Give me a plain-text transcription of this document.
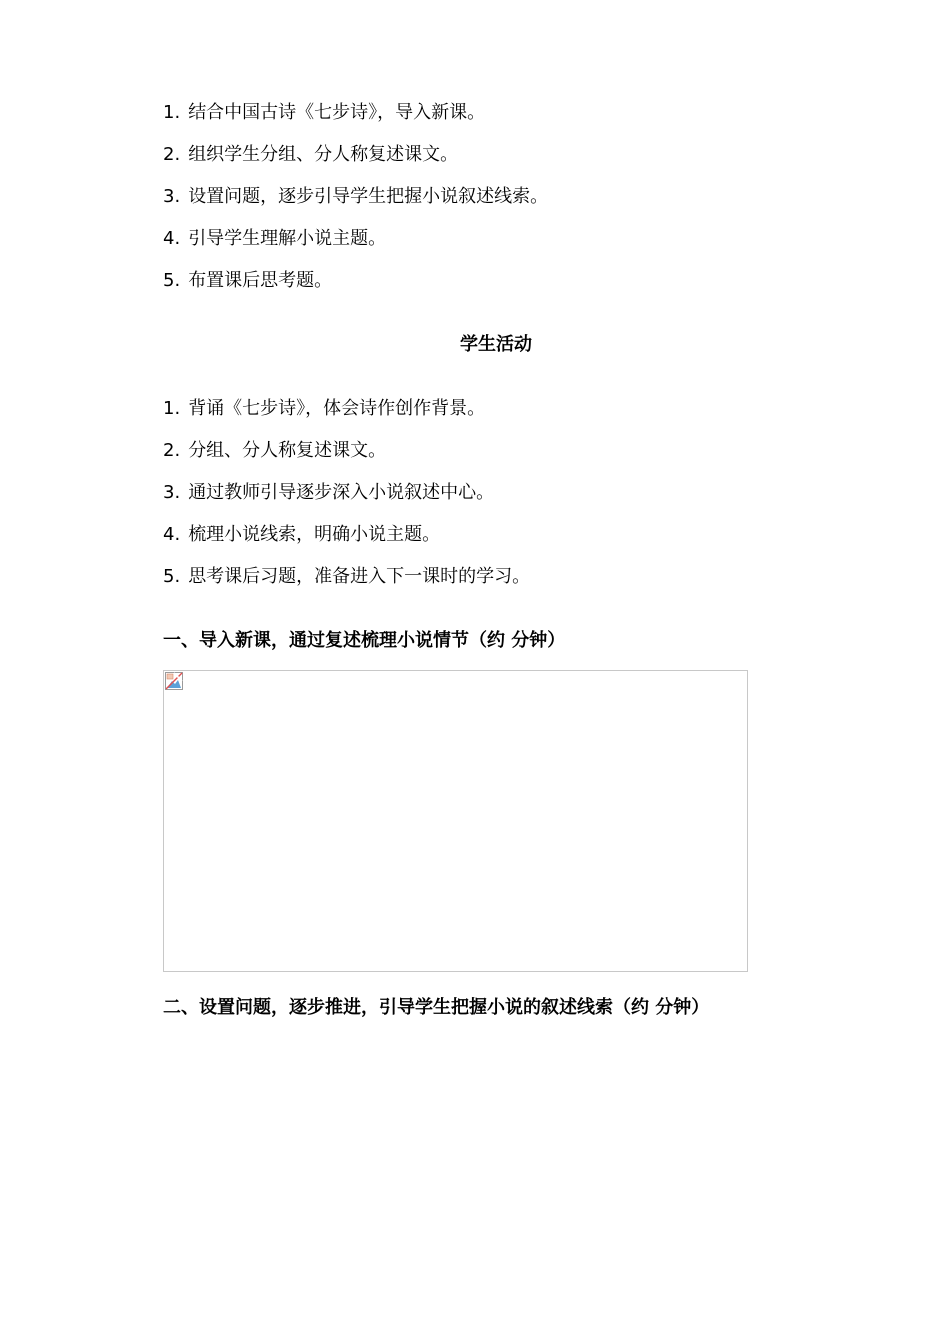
1. 结合中国古诗《七步诗》，导入新课。
2. 组织学生分组、分人称复述课文。
3. 设置问题，逐步引导学生把握小说叙述线索。
4. 引导学生理解小说主题。
5. 布置课后思考题。
学生活动
1. 背诵《七步诗》，体会诗作创作背景。
2. 分组、分人称复述课文。
3. 通过教师引导逐步深入小说叙述中心。
4. 梳理小说线索，明确小说主题。
5. 思考课后习题，准备进入下一课时的学习。
一、导入新课，通过复述梳理小说情节（约 分钟）
二、设置问题，逐步推进，引导学生把握小说的叙述线索（约 分钟）
